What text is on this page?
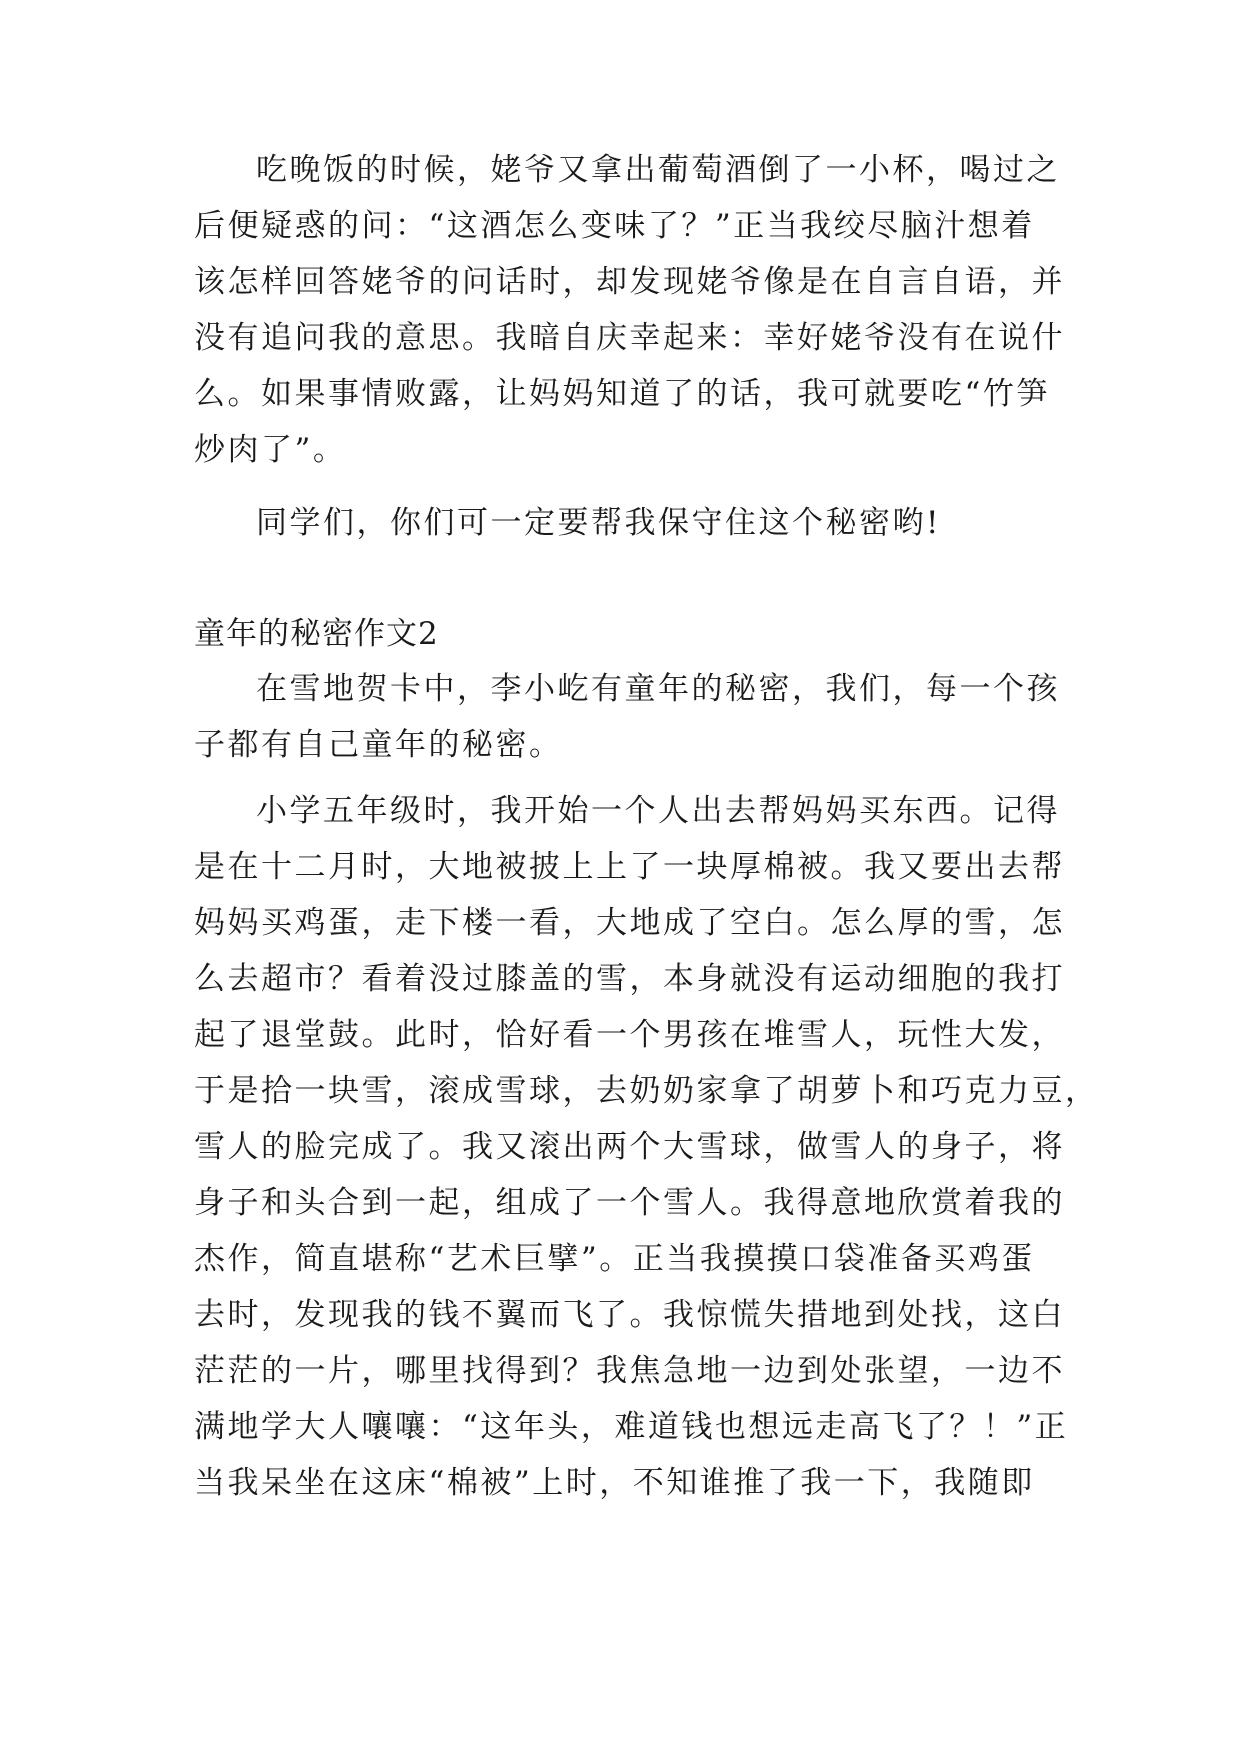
吃晚饭的时候，姥爷又拿出葡萄酒倒了一小杯，喝过之
后便疑惑的问：“这酒怎么变味了？”正当我绞尽脑汁想着
该怎样回答姥爷的问话时，却发现姥爷像是在自言自语，并
没有追问我的意思。我暗自庆幸起来：幸好姥爷没有在说什
么。如果事情败露，让妈妈知道了的话，我可就要吃“竹笋
炒肉了”。
同学们，你们可一定要帮我保守住这个秘密哟!
童年的秘密作文2
在雪地贺卡中，李小屹有童年的秘密，我们，每一个孩
子都有自己童年的秘密。
小学五年级时，我开始一个人出去帮妈妈买东西。记得
是在十二月时，大地被披上上了一块厚棉被。我又要出去帮
妈妈买鸡蛋，走下楼一看，大地成了空白。怎么厚的雪，怎
么去超市？看着没过膝盖的雪，本身就没有运动细胞的我打
起了退堂鼓。此时，恰好看一个男孩在堆雪人，玩性大发，
于是拾一块雪，滚成雪球，去奶奶家拿了胡萝卜和巧克力豆，
雪人的脸完成了。我又滚出两个大雪球，做雪人的身子，将
身子和头合到一起，组成了一个雪人。我得意地欣赏着我的
杰作，简直堪称“艺术巨擘”。正当我摸摸口袋准备买鸡蛋
去时，发现我的钱不翼而飞了。我惊慌失措地到处找，这白
茫茫的一片，哪里找得到？我焦急地一边到处张望，一边不
满地学大人嚷嚷：“这年头，难道钱也想远走高飞了？！”正
当我呆坐在这床“棉被”上时，不知谁推了我一下，我随即
